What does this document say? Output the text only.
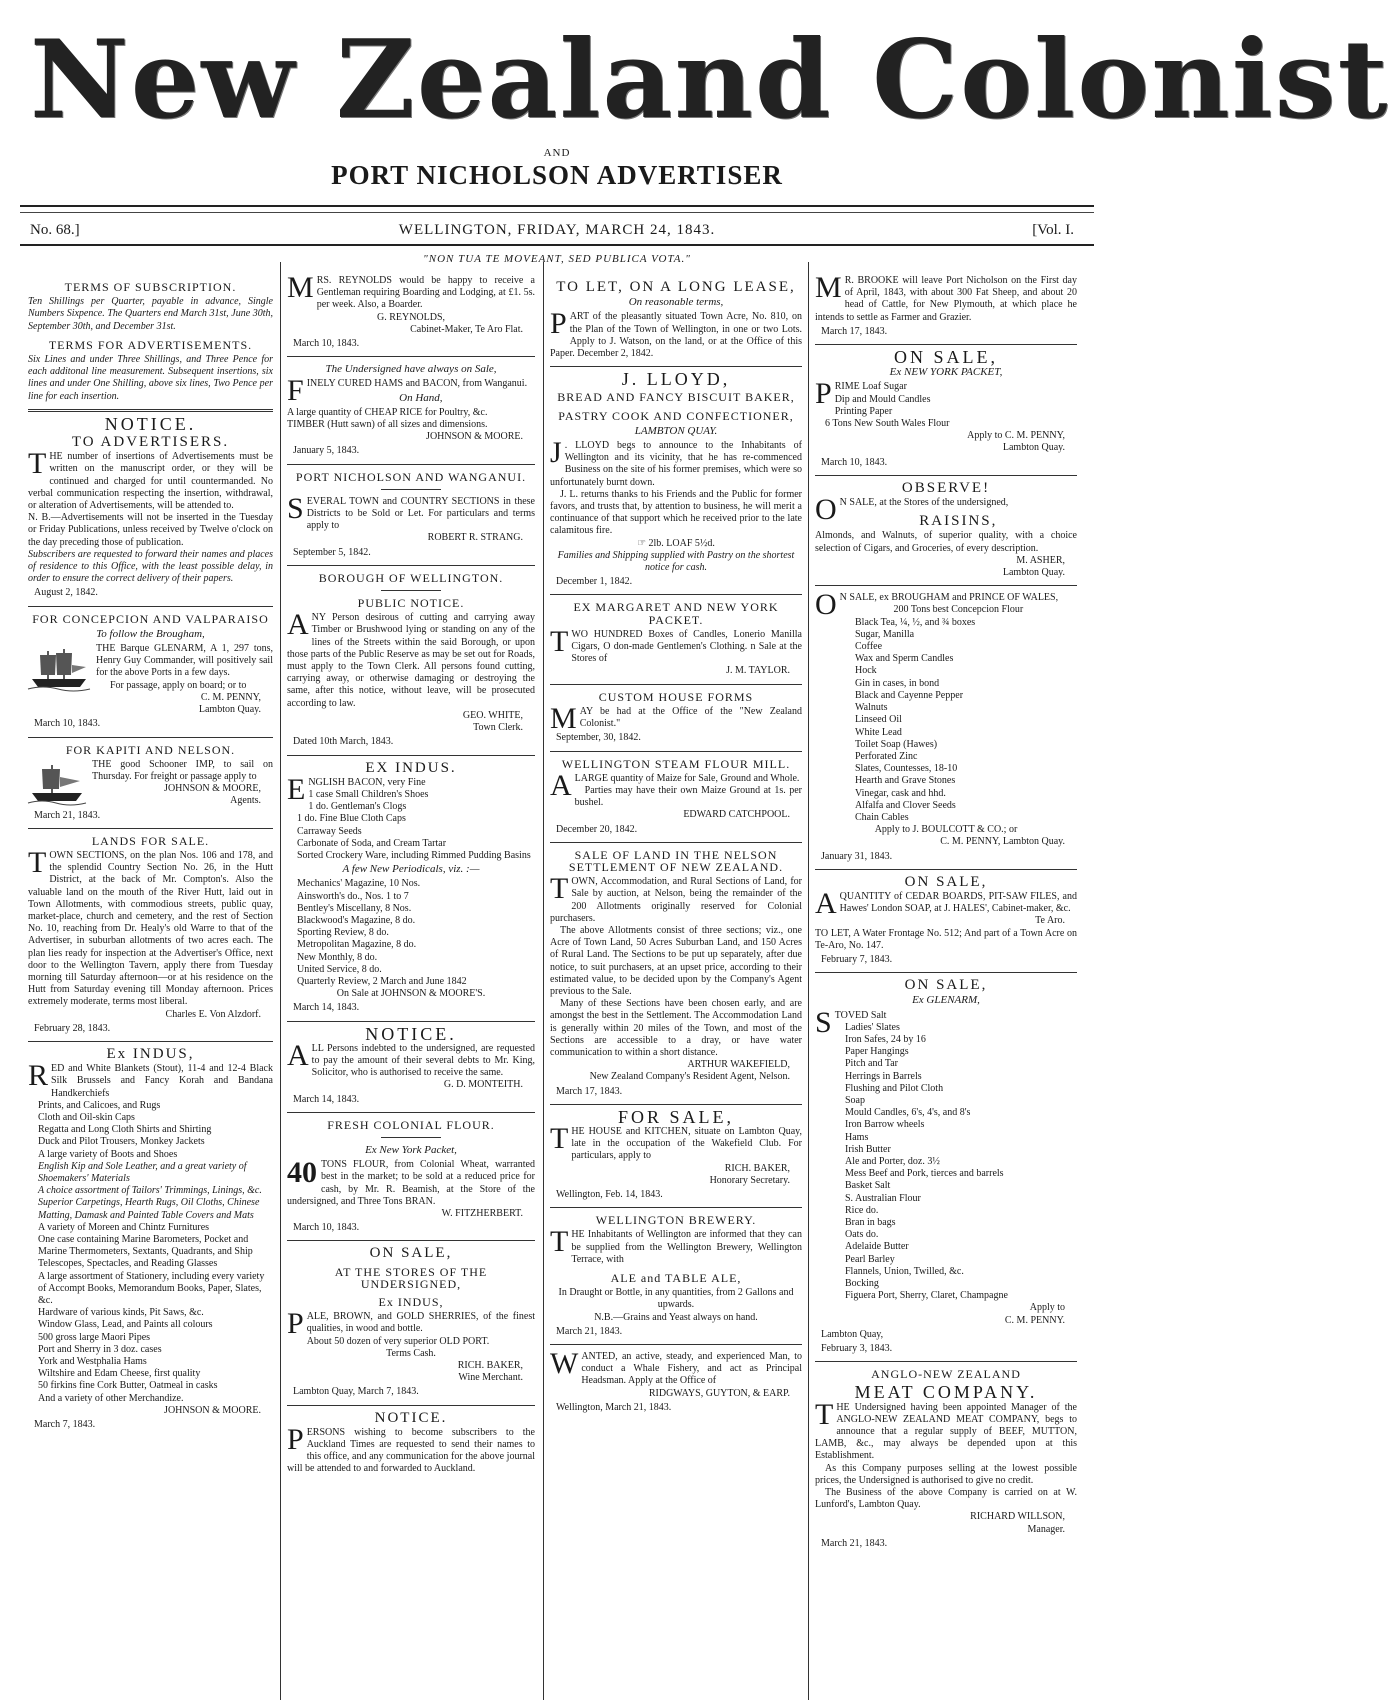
New Zealand Colonist
AND
PORT NICHOLSON ADVERTISER
No. 68.]	WELLINGTON, FRIDAY, MARCH 24, 1843.	[Vol. I.
"NON TUA TE MOVEANT, SED PUBLICA VOTA."
TERMS OF SUBSCRIPTION.

Ten Shillings per Quarter, payable in advance, Single Numbers Sixpence. The Quarters end March 31st, June 30th, September 30th, and December 31st.

TERMS FOR ADVERTISEMENTS.

Six Lines and under Three Shillings, and Three Pence for each additonal line measurement. Subsequent insertions, six lines and under One Shilling, above six lines, Two Pence per line for each insertion.

NOTICE.
TO ADVERTISERS.

THE number of insertions of Advertisements must be written on the manuscript order, or they will be continued and charged for until countermanded. No verbal communication respecting the insertion, withdrawal, or alteration of Advertisements, will be attended to.

N. B.—Advertisements will not be inserted in the Tuesday or Friday Publications, unless received by Twelve o'clock on the day preceding those of publication.

Subscribers are requested to forward their names and places of residence to this Office, with the least possible delay, in order to ensure the correct delivery of their papers.

August 2, 1842.

FOR CONCEPCION AND VALPARAISO
To follow the Brougham,

THE Barque GLENARM, A 1, 297 tons, Henry Guy Commander, will positively sail for the above Ports in a few days.

For passage, apply on board; or to

C. M. PENNY,

Lambton Quay.

March 10, 1843.

FOR KAPITI AND NELSON.

THE good Schooner IMP, to sail on Thursday. For freight or passage apply to

JOHNSON & MOORE,

Agents.

March 21, 1843.

LANDS FOR SALE.

TOWN SECTIONS, on the plan Nos. 106 and 178, and the splendid Country Section No. 26, in the Hutt District, at the back of Mr. Compton's. Also the valuable land on the mouth of the River Hutt, laid out in Town Allotments, with commodious streets, public quay, market-place, church and cemetery, and the rest of Section No. 10, reaching from Dr. Healy's old Warre to that of the Advertiser, in suburban allotments of two acres each. The plan lies ready for inspection at the Advertiser's Office, next door to the Wellington Tavern, apply there from Tuesday morning till Saturday afternoon—or at his residence on the Hutt from Saturday evening till Monday afternoon. Prices extremely moderate, terms most liberal.

Charles E. Von Alzdorf.

February 28, 1843.

Ex INDUS,

RED and White Blankets (Stout), 11-4 and 12-4 Black Silk Brussels and Fancy Korah and Bandana Handkerchiefs

Prints, and Calicoes, and Rugs
Cloth and Oil-skin Caps
Regatta and Long Cloth Shirts and Shirting
Duck and Pilot Trousers, Monkey Jackets
A large variety of Boots and Shoes
English Kip and Sole Leather, and a great variety of Shoemakers' Materials
A choice assortment of Tailors' Trimmings, Linings, &c.
Superior Carpetings, Hearth Rugs, Oil Cloths, Chinese Matting, Damask and Painted Table Covers and Mats
A variety of Moreen and Chintz Furnitures
One case containing Marine Barometers, Pocket and Marine Thermometers, Sextants, Quadrants, and Ship Telescopes, Spectacles, and Reading Glasses
A large assortment of Stationery, including every variety of Accompt Books, Memorandum Books, Paper, Slates, &c.
Hardware of various kinds, Pit Saws, &c.
Window Glass, Lead, and Paints all colours
500 gross large Maori Pipes
Port and Sherry in 3 doz. cases
York and Westphalia Hams
Wiltshire and Edam Cheese, first quality
50 firkins fine Cork Butter, Oatmeal in casks
And a variety of other Merchandize.

JOHNSON & MOORE.

March 7, 1843.

MRS. REYNOLDS would be happy to receive a Gentleman requiring Boarding and Lodging, at £1. 5s. per week. Also, a Boarder.

G. REYNOLDS,

Cabinet-Maker, Te Aro Flat.

March 10, 1843.

The Undersigned have always on Sale,

FINELY CURED HAMS and BACON, from Wanganui.

On Hand,

A large quantity of CHEAP RICE for Poultry, &c.

TIMBER (Hutt sawn) of all sizes and dimensions.

JOHNSON & MOORE.

January 5, 1843.

PORT NICHOLSON AND WANGANUI.

SEVERAL TOWN and COUNTRY SECTIONS in these Districts to be Sold or Let. For particulars and terms apply to

ROBERT R. STRANG.

September 5, 1842.

BOROUGH OF WELLINGTON.
PUBLIC NOTICE.

ANY Person desirous of cutting and carrying away Timber or Brushwood lying or standing on any of the lines of the Streets within the said Borough, or upon those parts of the Public Reserve as may be set out for Roads, must apply to the Town Clerk. All persons found cutting, carrying away, or otherwise damaging or destroying the same, after this notice, without leave, will be prosecuted according to law.

GEO. WHITE,

Town Clerk.

Dated 10th March, 1843.

EX INDUS.

ENGLISH BACON, very Fine

1 case Small Children's Shoes
1 do. Gentleman's Clogs
1 do. Fine Blue Cloth Caps
Carraway Seeds
Carbonate of Soda, and Cream Tartar
Sorted Crockery Ware, including Rimmed Pudding Basins
A few New Periodicals, viz. :—
Mechanics' Magazine, 10 Nos.
Ainsworth's do., Nos. 1 to 7
Bentley's Miscellany, 8 Nos.
Blackwood's Magazine, 8 do.
Sporting Review, 8 do.
Metropolitan Magazine, 8 do.
New Monthly, 8 do.
United Service, 8 do.
Quarterly Review, 2 March and June 1842

On Sale at JOHNSON & MOORE'S.

March 14, 1843.

NOTICE.

ALL Persons indebted to the undersigned, are requested to pay the amount of their several debts to Mr. King, Solicitor, who is authorised to receive the same.

G. D. MONTEITH.

March 14, 1843.

FRESH COLONIAL FLOUR.
Ex New York Packet,

40 TONS FLOUR, from Colonial Wheat, warranted best in the market; to be sold at a reduced price for cash, by Mr. R. Beamish, at the Store of the undersigned, and Three Tons BRAN.

W. FITZHERBERT.

March 10, 1843.

ON SALE,
AT THE STORES OF THE UNDERSIGNED,
Ex INDUS,

PALE, BROWN, and GOLD SHERRIES, of the finest qualities, in wood and bottle.

About 50 dozen of very superior OLD PORT.

Terms Cash.

RICH. BAKER,

Wine Merchant.

Lambton Quay, March 7, 1843.

NOTICE.

PERSONS wishing to become subscribers to the Auckland Times are requested to send their names to this office, and any communication for the above journal will be attended to and forwarded to Auckland.

TO LET, ON A LONG LEASE,
On reasonable terms,

PART of the pleasantly situated Town Acre, No. 810, on the Plan of the Town of Wellington, in one or two Lots. Apply to J. Watson, on the land, or at the Office of this Paper. December 2, 1842.

J. LLOYD,
BREAD AND FANCY BISCUIT BAKER,
PASTRY COOK AND CONFECTIONER,
LAMBTON QUAY.

J . LLOYD begs to announce to the Inhabitants of Wellington and its vicinity, that he has re-commenced Business on the site of his former premises, which were so unfortunately burnt down.

J. L. returns thanks to his Friends and the Public for former favors, and trusts that, by attention to business, he will merit a continuance of that support which he received prior to the late calamitous fire.

☞ 2lb. LOAF 5½d.

Families and Shipping supplied with Pastry on the shortest notice for cash.

December 1, 1842.

EX MARGARET AND NEW YORK PACKET.

TWO HUNDRED Boxes of Candles, Lonerio Manilla Cigars, O don-made Gentlemen's Clothing. n Sale at the Stores of

J. M. TAYLOR.

CUSTOM HOUSE FORMS

MAY be had at the Office of the "New Zealand Colonist."

September, 30, 1842.

WELLINGTON STEAM FLOUR MILL.

ALARGE quantity of Maize for Sale, Ground and Whole.

Parties may have their own Maize Ground at 1s. per bushel.

EDWARD CATCHPOOL.

December 20, 1842.

SALE OF LAND IN THE NELSON SETTLEMENT OF NEW ZEALAND.

TOWN, Accommodation, and Rural Sections of Land, for Sale by auction, at Nelson, being the remainder of the 200 Allotments originally reserved for Colonial purchasers.

The above Allotments consist of three sections; viz., one Acre of Town Land, 50 Acres Suburban Land, and 150 Acres of Rural Land. The Sections to be put up separately, after due notice, to suit purchasers, at an upset price, according to their estimated value, to be decided upon by the Company's Agent previous to the Sale.

Many of these Sections have been chosen early, and are amongst the best in the Settlement. The Accommodation Land is generally within 20 miles of the Town, and most of the Sections are accessible to a dray, or have water communication to within a short distance.

ARTHUR WAKEFIELD,

New Zealand Company's Resident Agent, Nelson.

March 17, 1843.

FOR SALE,

THE HOUSE and KITCHEN, situate on Lambton Quay, late in the occupation of the Wakefield Club. For particulars, apply to

RICH. BAKER,

Honorary Secretary.

Wellington, Feb. 14, 1843.

WELLINGTON BREWERY.

THE Inhabitants of Wellington are informed that they can be supplied from the Wellington Brewery, Wellington Terrace, with

ALE and TABLE ALE,

In Draught or Bottle, in any quantities, from 2 Gallons and upwards.

N.B.—Grains and Yeast always on hand.

March 21, 1843.

WANTED, an active, steady, and experienced Man, to conduct a Whale Fishery, and act as Principal Headsman. Apply at the Office of

RIDGWAYS, GUYTON, & EARP.

Wellington, March 21, 1843.

M R. BROOKE will leave Port Nicholson on the First day of April, 1843, with about 300 Fat Sheep, and about 20 head of Cattle, for New Plymouth, at which place he intends to settle as Farmer and Grazier.

March 17, 1843.

ON SALE,
Ex NEW YORK PACKET,

PRIME Loaf Sugar

Dip and Mould Candles
Printing Paper
6 Tons New South Wales Flour

Apply to C. M. PENNY,

Lambton Quay.

March 10, 1843.

OBSERVE!

O N SALE, at the Stores of the undersigned,

RAISINS,

Almonds, and Walnuts, of superior quality, with a choice selection of Cigars, and Groceries, of every description.

M. ASHER,

Lambton Quay.

O N SALE, ex BROUGHAM and PRINCE OF WALES,

200 Tons best Concepcion Flour

Black Tea, ¼, ½, and ¾ boxes
Sugar, Manilla
Coffee
Wax and Sperm Candles
Hock
Gin in cases, in bond
Black and Cayenne Pepper
Walnuts
Linseed Oil
White Lead
Toilet Soap (Hawes)
Perforated Zinc
Slates, Countesses, 18-10
Hearth and Grave Stones
Vinegar, cask and hhd.
Alfalfa and Clover Seeds
Chain Cables

Apply to J. BOULCOTT & CO.; or

C. M. PENNY, Lambton Quay.

January 31, 1843.

ON SALE,

AQUANTITY of CEDAR BOARDS, PIT-SAW FILES, and Hawes' London SOAP, at J. HALES', Cabinet-maker, &c.

Te Aro.

TO LET, A Water Frontage No. 512; And part of a Town Acre on Te-Aro, No. 147.

February 7, 1843.

ON SALE,
Ex GLENARM,

STOVED Salt

Ladies' Slates
Iron Safes, 24 by 16
Paper Hangings
Pitch and Tar
Herrings in Barrels
Flushing and Pilot Cloth
Soap
Mould Candles, 6's, 4's, and 8's
Iron Barrow wheels
Hams
Irish Butter
Ale and Porter, doz. 3½
Mess Beef and Pork, tierces and barrels
Basket Salt
S. Australian Flour
Rice do.
Bran in bags
Oats do.
Adelaide Butter
Pearl Barley
Flannels, Union, Twilled, &c.
Bocking
Figuera Port, Sherry, Claret, Champagne

Apply to

C. M. PENNY.

Lambton Quay,

February 3, 1843.

ANGLO-NEW ZEALAND
MEAT COMPANY.

THE Undersigned having been appointed Manager of the ANGLO-NEW ZEALAND MEAT COMPANY, begs to announce that a regular supply of BEEF, MUTTON, LAMB, &c., may always be depended upon at this Establishment.

As this Company purposes selling at the lowest possible prices, the Undersigned is authorised to give no credit.

The Business of the above Company is carried on at W. Lunford's, Lambton Quay.

RICHARD WILLSON,

Manager.

March 21, 1843.
